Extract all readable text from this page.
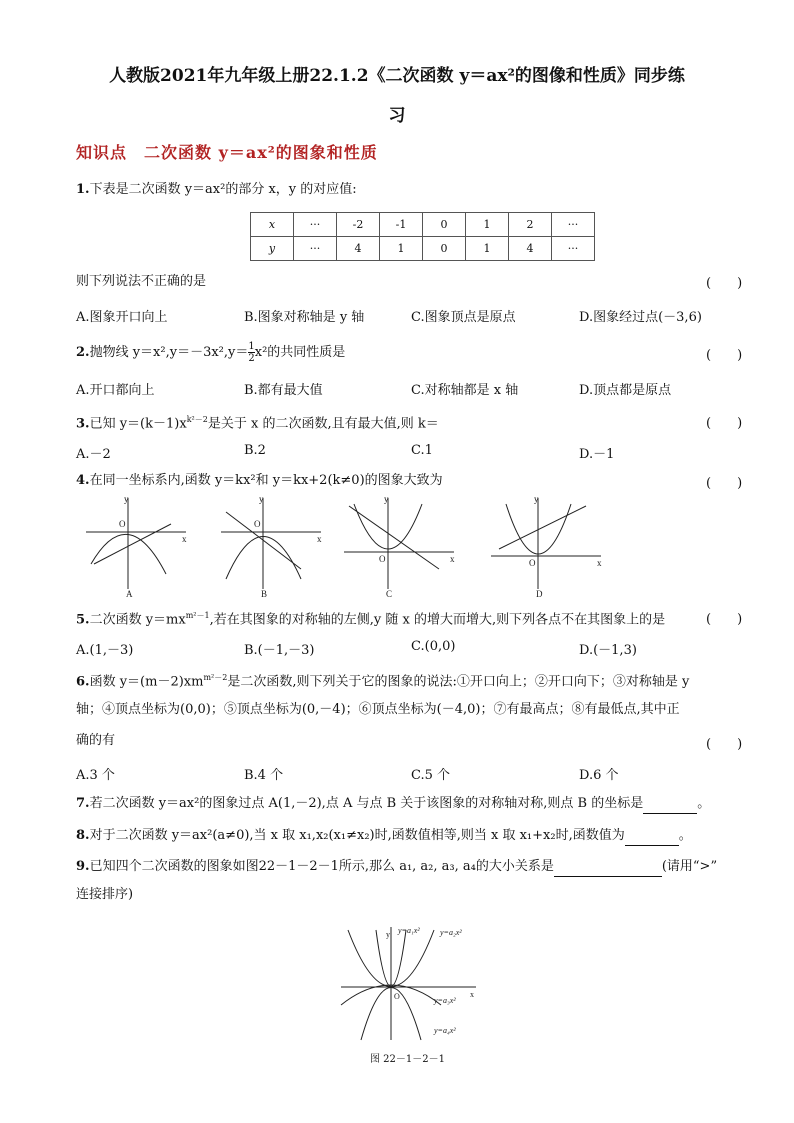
人教版2021年九年级上册22.1.2《二次函数 y＝ax²的图像和性质》同步练
习
知识点　二次函数 y＝ax²的图象和性质
1.下表是二次函数 y＝ax²的部分 x，y 的对应值:
x	···	-2	-1	0	1	2	···
y	···	4	1	0	1	4	···
则下列说法不正确的是	(　　)
A.图象开口向上	B.图象对称轴是 y 轴	C.图象顶点是原点	D.图象经过点(－3,6)
2.抛物线 $y=x^2,y=-3x^2,y= \frac{1}{2} x^2$的共同性质是	(　　)
A.开口都向上	B.都有最大值	C.对称轴都是 x 轴	D.顶点都是原点
3.已知 $y=(k-1)x^{k^2-2}$是关于 x 的二次函数,且有最大值,则 k＝	(　　)
A.－2	B.2	C.1	D.－1
4.在同一坐标系内,函数 y＝kx²和 y＝kx+2(k≠0)的图象大致为	(　　)
y
x
O
A
y
x
O
B
y
x
O
C
y
x
O
D
5.二次函数 $y=mx^{m^2-1}$,若在其图象的对称轴的左侧,y 随 x 的增大而增大,则下列各点不在其图象上的是	(　　)
A.(1,－3)	B.(－1,－3)	C.(0,0)	D.(－1,3)
6.函数 $y=(m-2)xm^{m^2-2}$是二次函数,则下列关于它的图象的说法:①开口向上；②开口向下；③对称轴是 y
轴；④顶点坐标为(0,0)；⑤顶点坐标为(0,－4)；⑥顶点坐标为(－4,0)；⑦有最高点；⑧有最低点,其中正
确的有	(　　)
A.3 个	B.4 个	C.5 个	D.6 个
7.若二次函数 y＝ax²的图象过点 A(1,－2),点 A 与点 B 关于该图象的对称轴对称,则点 B 的坐标是	。
8.对于二次函数 y＝ax²(a≠0),当 x 取 x₁,x₂(x₁≠x₂)时,函数值相等,则当 x 取 x₁+x₂时,函数值为	。
9.已知四个二次函数的图象如图22－1－2－1所示,那么 a₁, a₂, a₃, a₄的大小关系是	(请用“>”
连接排序)
y
x
O
y=a₁x²	y=a₂x²
y=a₃x²
y=a₄x²
图 22－1－2－1
